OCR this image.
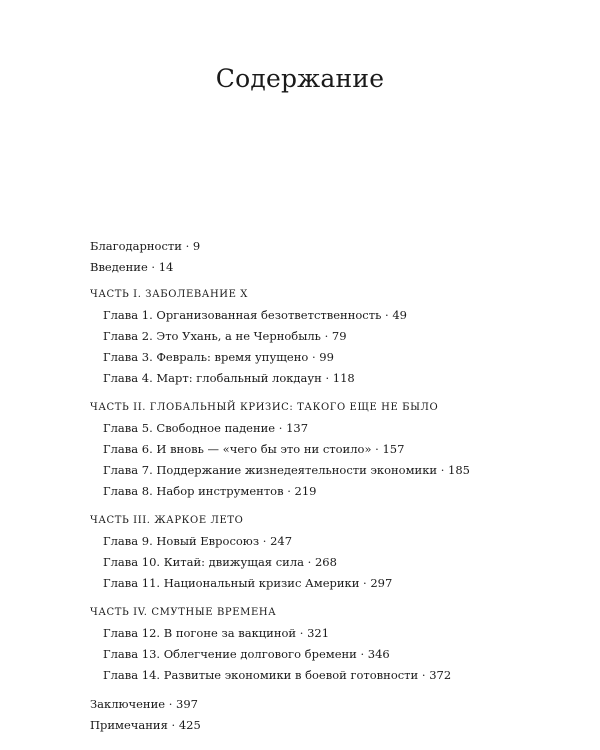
Содержание
Благодарности · 9
Введение · 14
ЧАСТЬ I. ЗАБОЛЕВАНИЕ X
Глава 1. Организованная безответственность · 49
Глава 2. Это Ухань, а не Чернобыль · 79
Глава 3. Февраль: время упущено · 99
Глава 4. Март: глобальный локдаун · 118
ЧАСТЬ II. ГЛОБАЛЬНЫЙ КРИЗИС: ТАКОГО ЕЩЕ НЕ БЫЛО
Глава 5. Свободное падение · 137
Глава 6. И вновь — «чего бы это ни стоило» · 157
Глава 7. Поддержание жизнедеятельности экономики · 185
Глава 8. Набор инструментов · 219
ЧАСТЬ III. ЖАРКОЕ ЛЕТО
Глава 9. Новый Евросоюз · 247
Глава 10. Китай: движущая сила · 268
Глава 11. Национальный кризис Америки · 297
ЧАСТЬ IV. СМУТНЫЕ ВРЕМЕНА
Глава 12. В погоне за вакциной · 321
Глава 13. Облегчение долгового бремени · 346
Глава 14. Развитые экономики в боевой готовности · 372
Заключение · 397
Примечания · 425
